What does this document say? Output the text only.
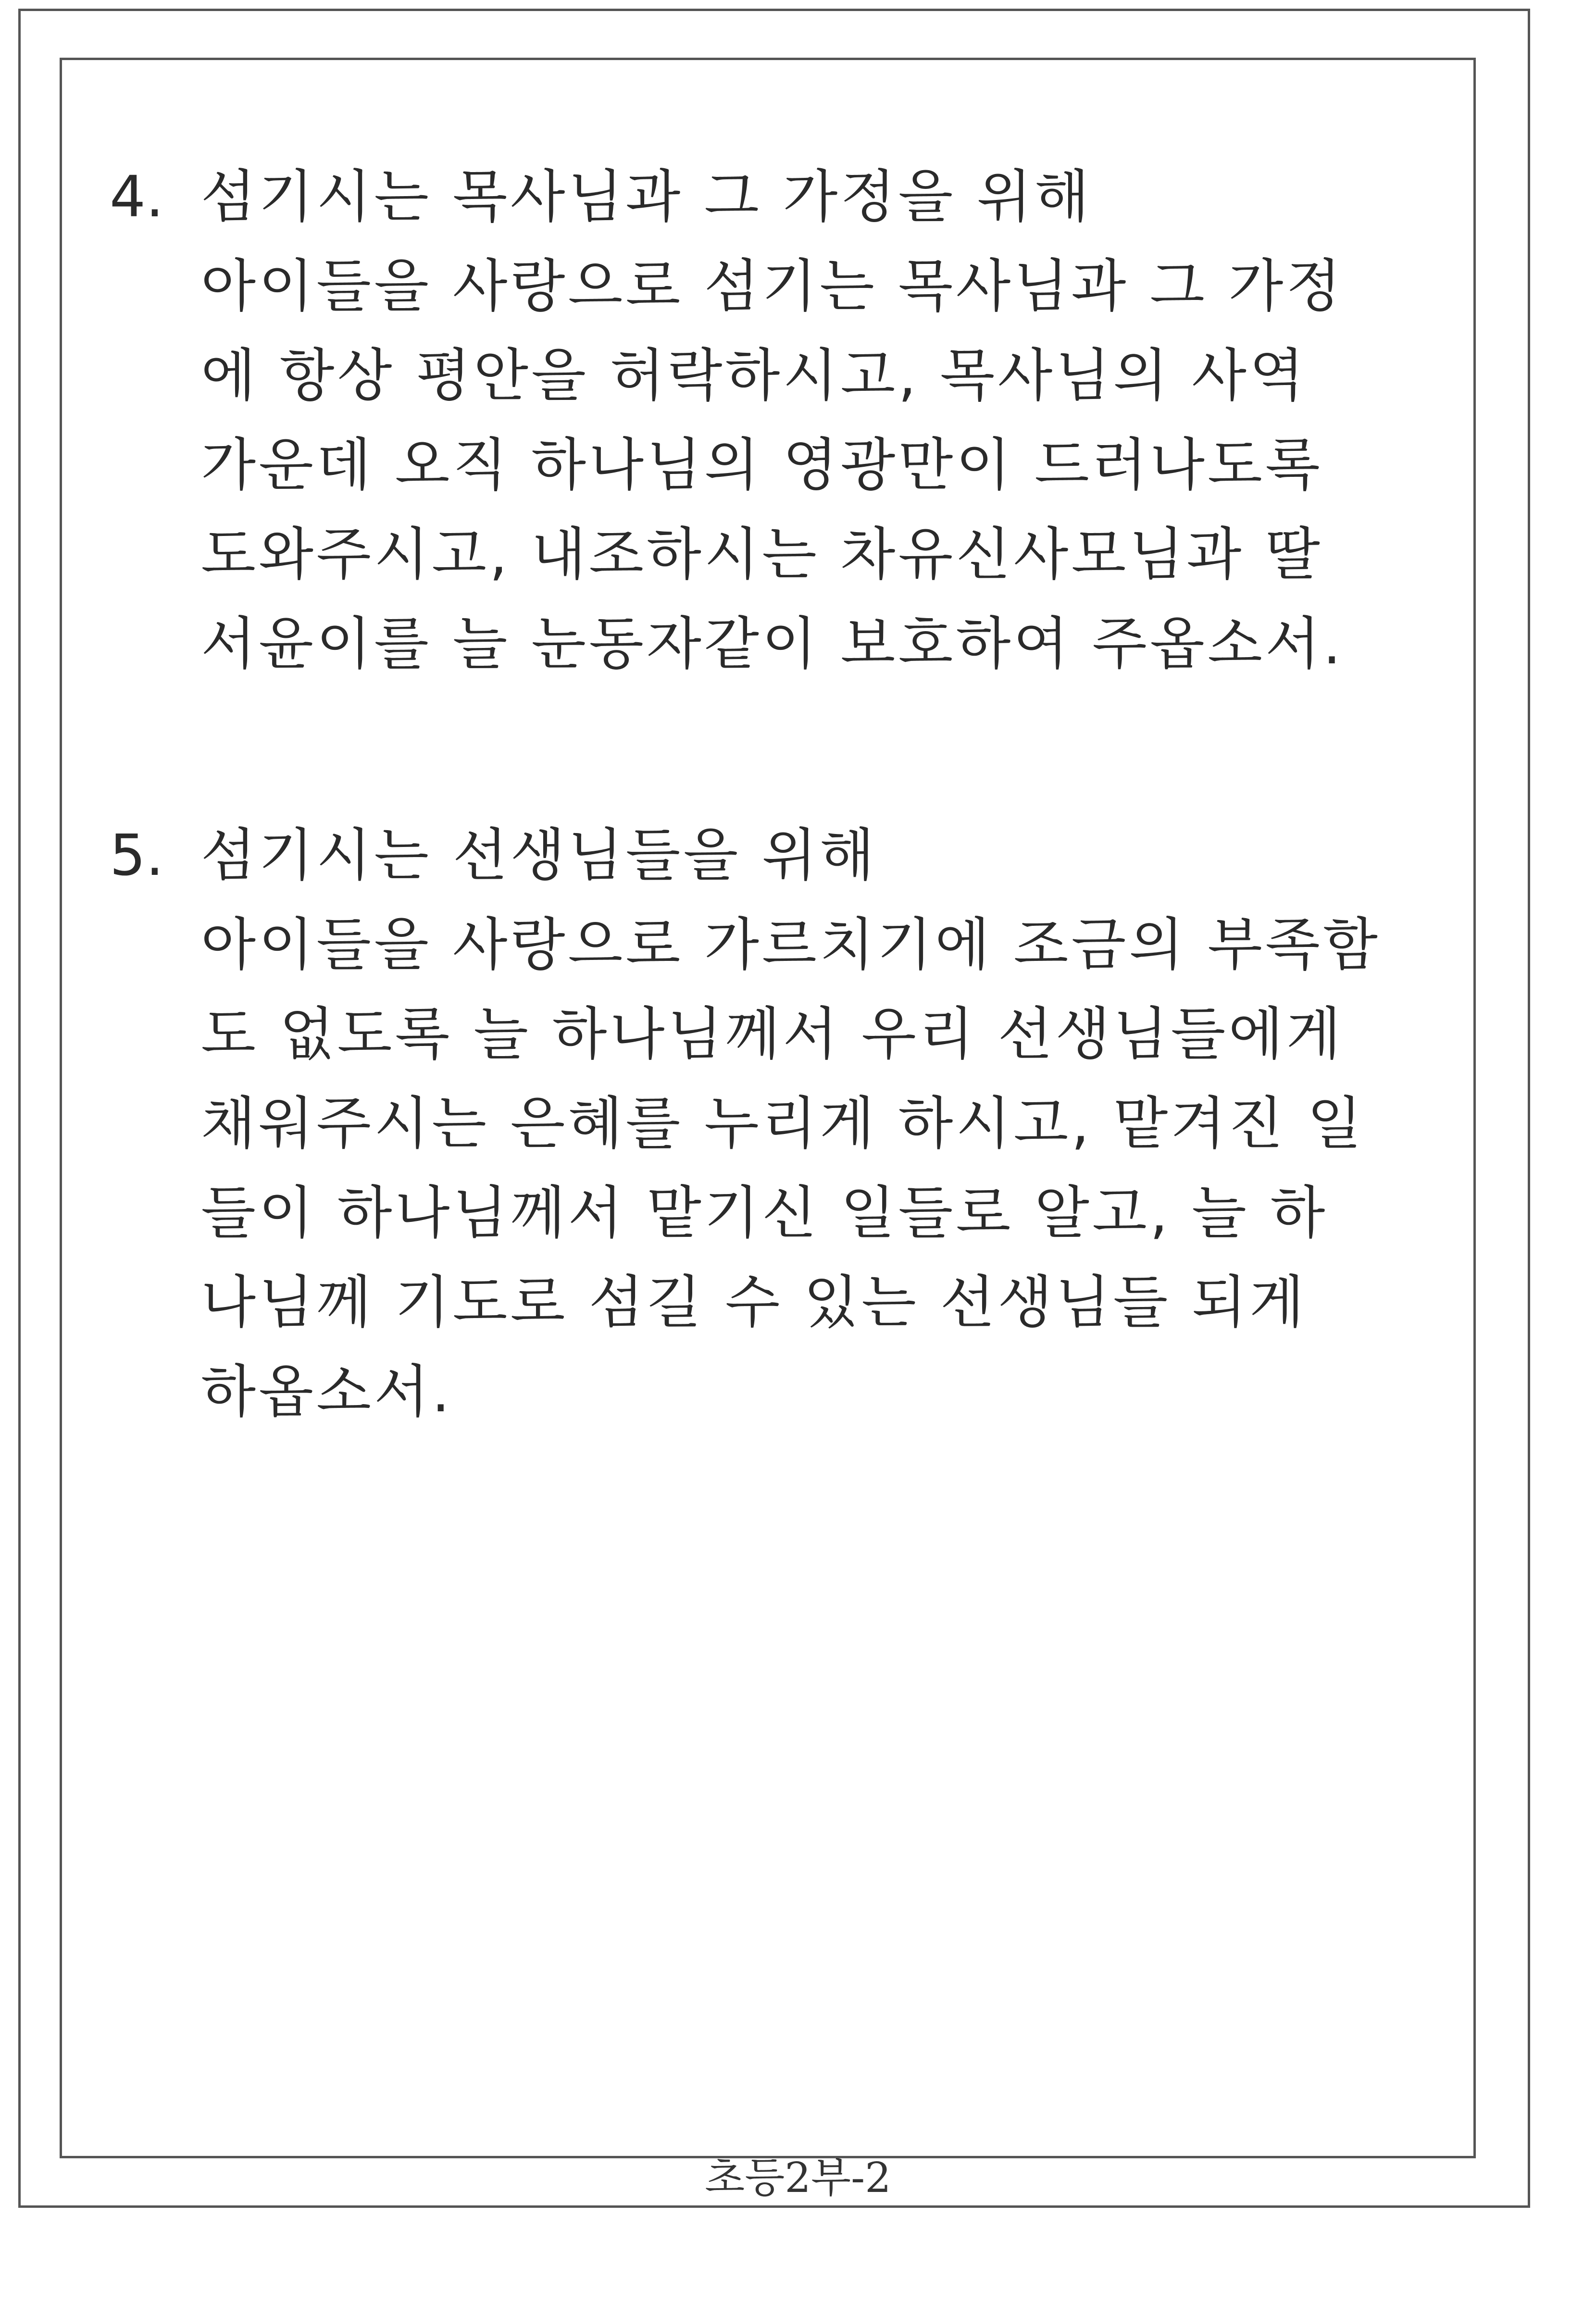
4. 섬기시는 목사님과 그 가정을 위해
아이들을 사랑으로 섬기는 목사님과 그 가정
에 항상 평안을 허락하시고, 목사님의 사역
가운데 오직 하나님의 영광만이 드러나도록
도와주시고, 내조하시는 차유신사모님과 딸
서윤이를 늘 눈동자같이 보호하여 주옵소서.
5. 섬기시는 선생님들을 위해
아이들을 사랑으로 가르치기에 조금의 부족함
도 없도록 늘 하나님께서 우리 선생님들에게
채워주시는 은혜를 누리게 하시고, 맡겨진 일
들이 하나님께서 맡기신 일들로 알고, 늘 하
나님께 기도로 섬길 수 있는 선생님들 되게
하옵소서.
초등2부-2
